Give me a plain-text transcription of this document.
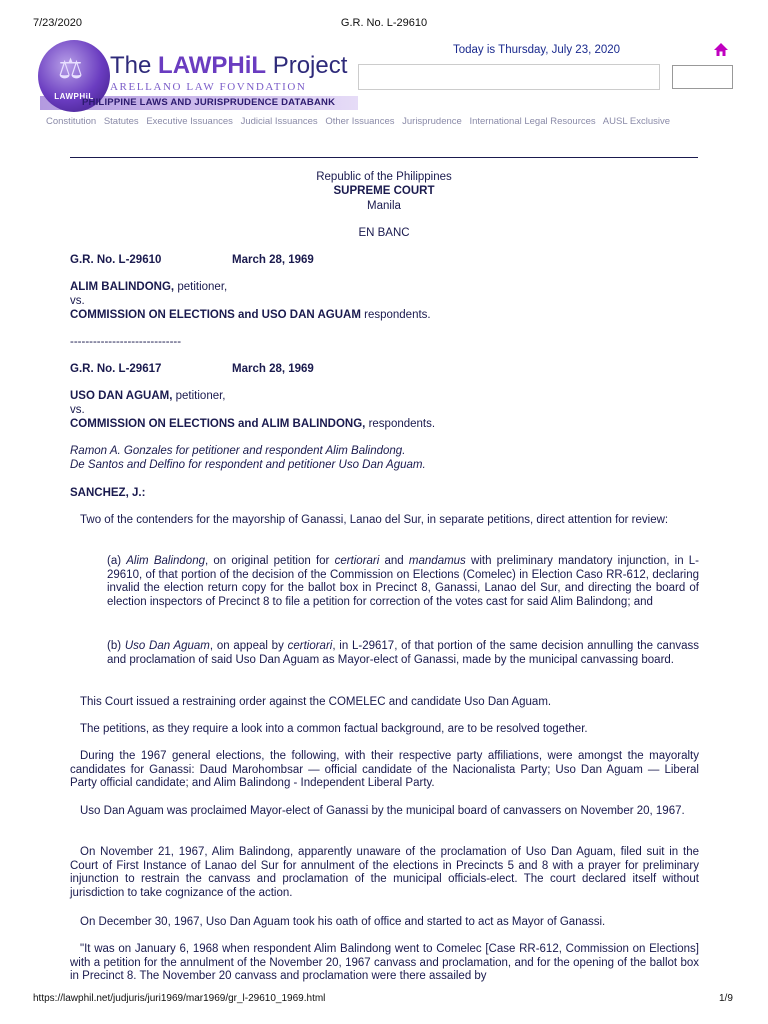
7/23/2020	G.R. No. L-29610
⚖
LAWPHiL
The LAWPHiL Project
ARELLANO LAW FOVNDATION
PHILIPPINE LAWS AND JURISPRUDENCE DATABANK
Today is Thursday, July 23, 2020
Constitution Statutes Executive Issuances Judicial Issuances Other Issuances Jurisprudence International Legal Resources AUSL Exclusive
Republic of the Philippines
SUPREME COURT
Manila
EN BANC
G.R. No. L-29610	March 28, 1969
ALIM BALINDONG, petitioner,
vs.
COMMISSION ON ELECTIONS and USO DAN AGUAM respondents.
-----------------------------
G.R. No. L-29617	March 28, 1969
USO DAN AGUAM, petitioner,
vs.
COMMISSION ON ELECTIONS and ALIM BALINDONG, respondents.
Ramon A. Gonzales for petitioner and respondent Alim Balindong.
De Santos and Delfino for respondent and petitioner Uso Dan Aguam.
SANCHEZ, J.:
Two of the contenders for the mayorship of Ganassi, Lanao del Sur, in separate petitions, direct attention for review:
(a) Alim Balindong, on original petition for certiorari and mandamus with preliminary mandatory injunction, in L-29610, of that portion of the decision of the Commission on Elections (Comelec) in Election Caso RR-612, declaring invalid the election return copy for the ballot box in Precinct 8, Ganassi, Lanao del Sur, and directing the board of election inspectors of Precinct 8 to file a petition for correction of the votes cast for said Alim Balindong; and
(b) Uso Dan Aguam, on appeal by certiorari, in L-29617, of that portion of the same decision annulling the canvass and proclamation of said Uso Dan Aguam as Mayor-elect of Ganassi, made by the municipal canvassing board.
This Court issued a restraining order against the COMELEC and candidate Uso Dan Aguam.
The petitions, as they require a look into a common factual background, are to be resolved together.
During the 1967 general elections, the following, with their respective party affiliations, were amongst the mayoralty candidates for Ganassi: Daud Marohombsar — official candidate of the Nacionalista Party; Uso Dan Aguam — Liberal Party official candidate; and Alim Balindong - Independent Liberal Party.
Uso Dan Aguam was proclaimed Mayor-elect of Ganassi by the municipal board of canvassers on November 20, 1967.
On November 21, 1967, Alim Balindong, apparently unaware of the proclamation of Uso Dan Aguam, filed suit in the Court of First Instance of Lanao del Sur for annulment of the elections in Precincts 5 and 8 with a prayer for preliminary injunction to restrain the canvass and proclamation of the municipal officials-elect. The court declared itself without jurisdiction to take cognizance of the action.
On December 30, 1967, Uso Dan Aguam took his oath of office and started to act as Mayor of Ganassi.
"It was on January 6, 1968 when respondent Alim Balindong went to Comelec [Case RR-612, Commission on Elections] with a petition for the annulment of the November 20, 1967 canvass and proclamation, and for the opening of the ballot box in Precinct 8. The November 20 canvass and proclamation were there assailed by
https://lawphil.net/judjuris/juri1969/mar1969/gr_l-29610_1969.html	1/9
